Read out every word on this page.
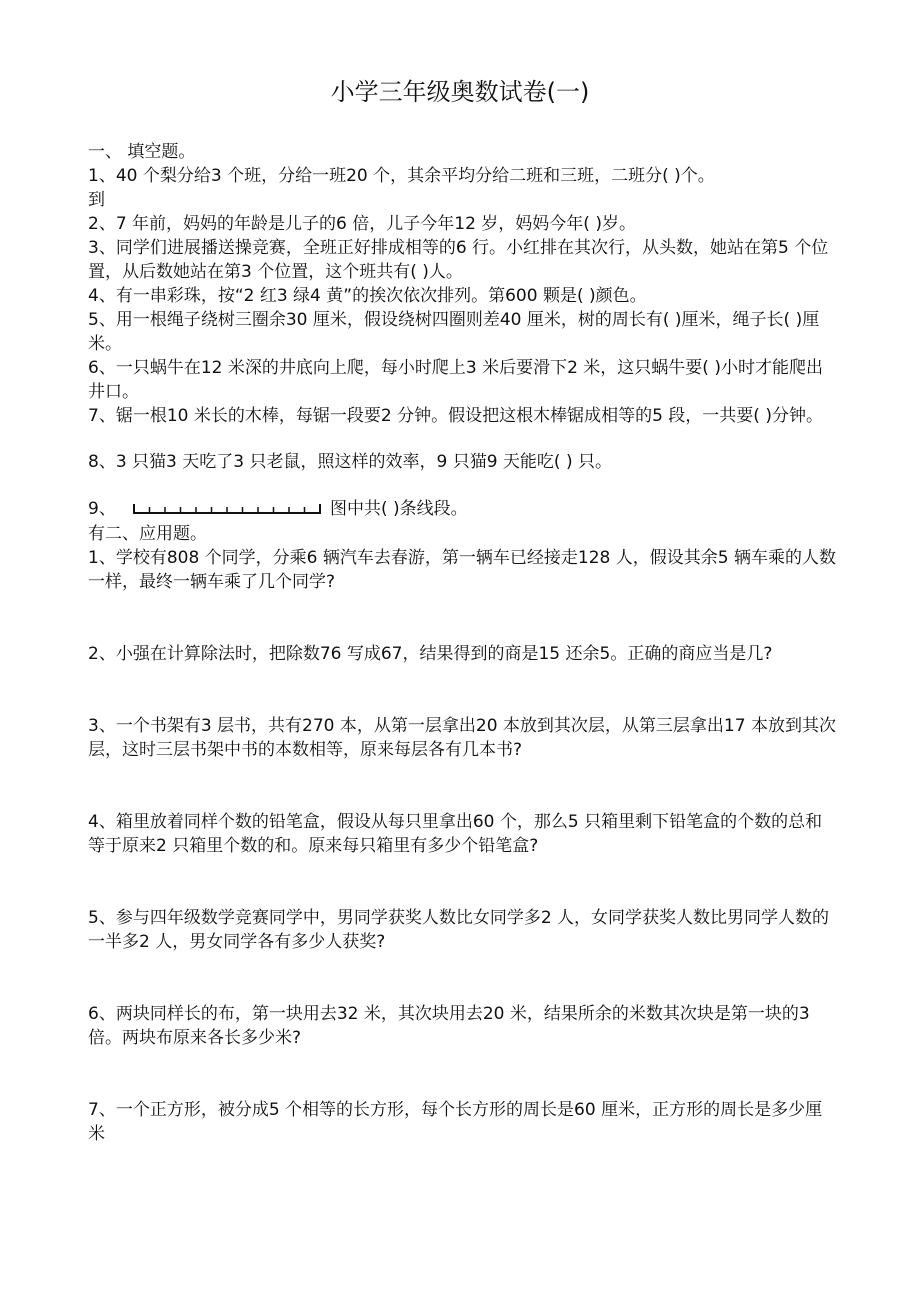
小学三年级奥数试卷(一)
一、 填空题。
1、40 个梨分给3 个班，分给一班20 个，其余平均分给二班和三班，二班分( )个。
到
2、7 年前，妈妈的年龄是儿子的6 倍，儿子今年12 岁，妈妈今年( )岁。
3、同学们进展播送操竞赛，全班正好排成相等的6 行。小红排在其次行，从头数，她站在第5 个位置，从后数她站在第3 个位置，这个班共有( )人。
4、有一串彩珠，按“2 红3 绿4 黄”的挨次依次排列。第600 颗是( )颜色。
5、用一根绳子绕树三圈余30 厘米，假设绕树四圈则差40 厘米，树的周长有( )厘米，绳子长( )厘米。
6、一只蜗牛在12 米深的井底向上爬，每小时爬上3 米后要滑下2 米，这只蜗牛要( )小时才能爬出井口。
7、锯一根10 米长的木棒，每锯一段要2 分钟。假设把这根木棒锯成相等的5 段，一共要( )分钟。
8、3 只猫3 天吃了3 只老鼠，照这样的效率，9 只猫9 天能吃( ) 只。
9、	图中共( )条线段。
有二、应用题。
1、学校有808 个同学，分乘6 辆汽车去春游，第一辆车已经接走128 人，假设其余5 辆车乘的人数一样，最终一辆车乘了几个同学?
2、小强在计算除法时，把除数76 写成67，结果得到的商是15 还余5。正确的商应当是几?
3、一个书架有3 层书，共有270 本，从第一层拿出20 本放到其次层，从第三层拿出17 本放到其次层，这时三层书架中书的本数相等，原来每层各有几本书?
4、箱里放着同样个数的铅笔盒，假设从每只里拿出60 个，那么5 只箱里剩下铅笔盒的个数的总和等于原来2 只箱里个数的和。原来每只箱里有多少个铅笔盒?
5、参与四年级数学竞赛同学中，男同学获奖人数比女同学多2 人，女同学获奖人数比男同学人数的一半多2 人，男女同学各有多少人获奖?
6、两块同样长的布，第一块用去32 米，其次块用去20 米，结果所余的米数其次块是第一块的3 倍。两块布原来各长多少米?
7、一个正方形，被分成5 个相等的长方形，每个长方形的周长是60 厘米，正方形的周长是多少厘米
